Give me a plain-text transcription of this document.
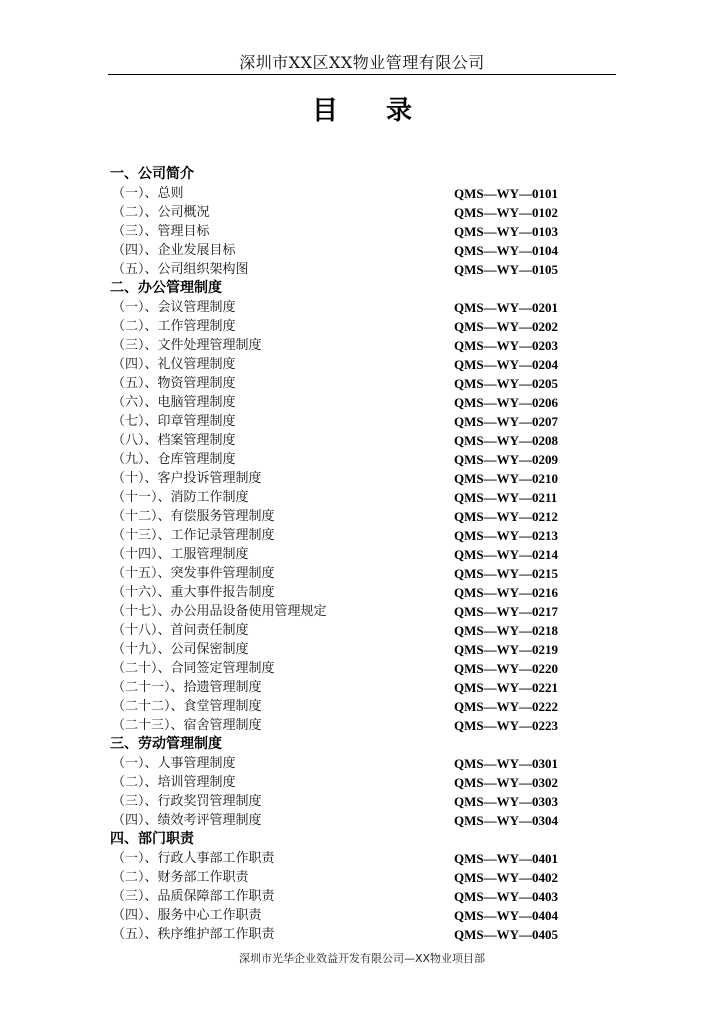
深圳市XX区XX物业管理有限公司
目录
一、公司简介
（一）、总则	QMS—WY—0101
（二）、公司概况	QMS—WY—0102
（三）、管理目标	QMS—WY—0103
（四）、企业发展目标	QMS—WY—0104
（五）、公司组织架构图	QMS—WY—0105
二、办公管理制度
（一）、会议管理制度	QMS—WY—0201
（二）、工作管理制度	QMS—WY—0202
（三）、文件处理管理制度	QMS—WY—0203
（四）、礼仪管理制度	QMS—WY—0204
（五）、物资管理制度	QMS—WY—0205
（六）、电脑管理制度	QMS—WY—0206
（七）、印章管理制度	QMS—WY—0207
（八）、档案管理制度	QMS—WY—0208
（九）、仓库管理制度	QMS—WY—0209
（十）、客户投诉管理制度	QMS—WY—0210
（十一）、消防工作制度	QMS—WY—0211
（十二）、有偿服务管理制度	QMS—WY—0212
（十三）、工作记录管理制度	QMS—WY—0213
（十四）、工服管理制度	QMS—WY—0214
（十五）、突发事件管理制度	QMS—WY—0215
（十六）、重大事件报告制度	QMS—WY—0216
（十七）、办公用品设备使用管理规定	QMS—WY—0217
（十八）、首问责任制度	QMS—WY—0218
（十九）、公司保密制度	QMS—WY—0219
（二十）、合同签定管理制度	QMS—WY—0220
（二十一）、拾遗管理制度	QMS—WY—0221
（二十二）、食堂管理制度	QMS—WY—0222
（二十三）、宿舍管理制度	QMS—WY—0223
三、劳动管理制度
（一）、人事管理制度	QMS—WY—0301
（二）、培训管理制度	QMS—WY—0302
（三）、行政奖罚管理制度	QMS—WY—0303
（四）、绩效考评管理制度	QMS—WY—0304
四、部门职责
（一）、行政人事部工作职责	QMS—WY—0401
（二）、财务部工作职责	QMS—WY—0402
（三）、品质保障部工作职责	QMS—WY—0403
（四）、服务中心工作职责	QMS—WY—0404
（五）、秩序维护部工作职责	QMS—WY—0405
深圳市光华企业效益开发有限公司—XX物业项目部
